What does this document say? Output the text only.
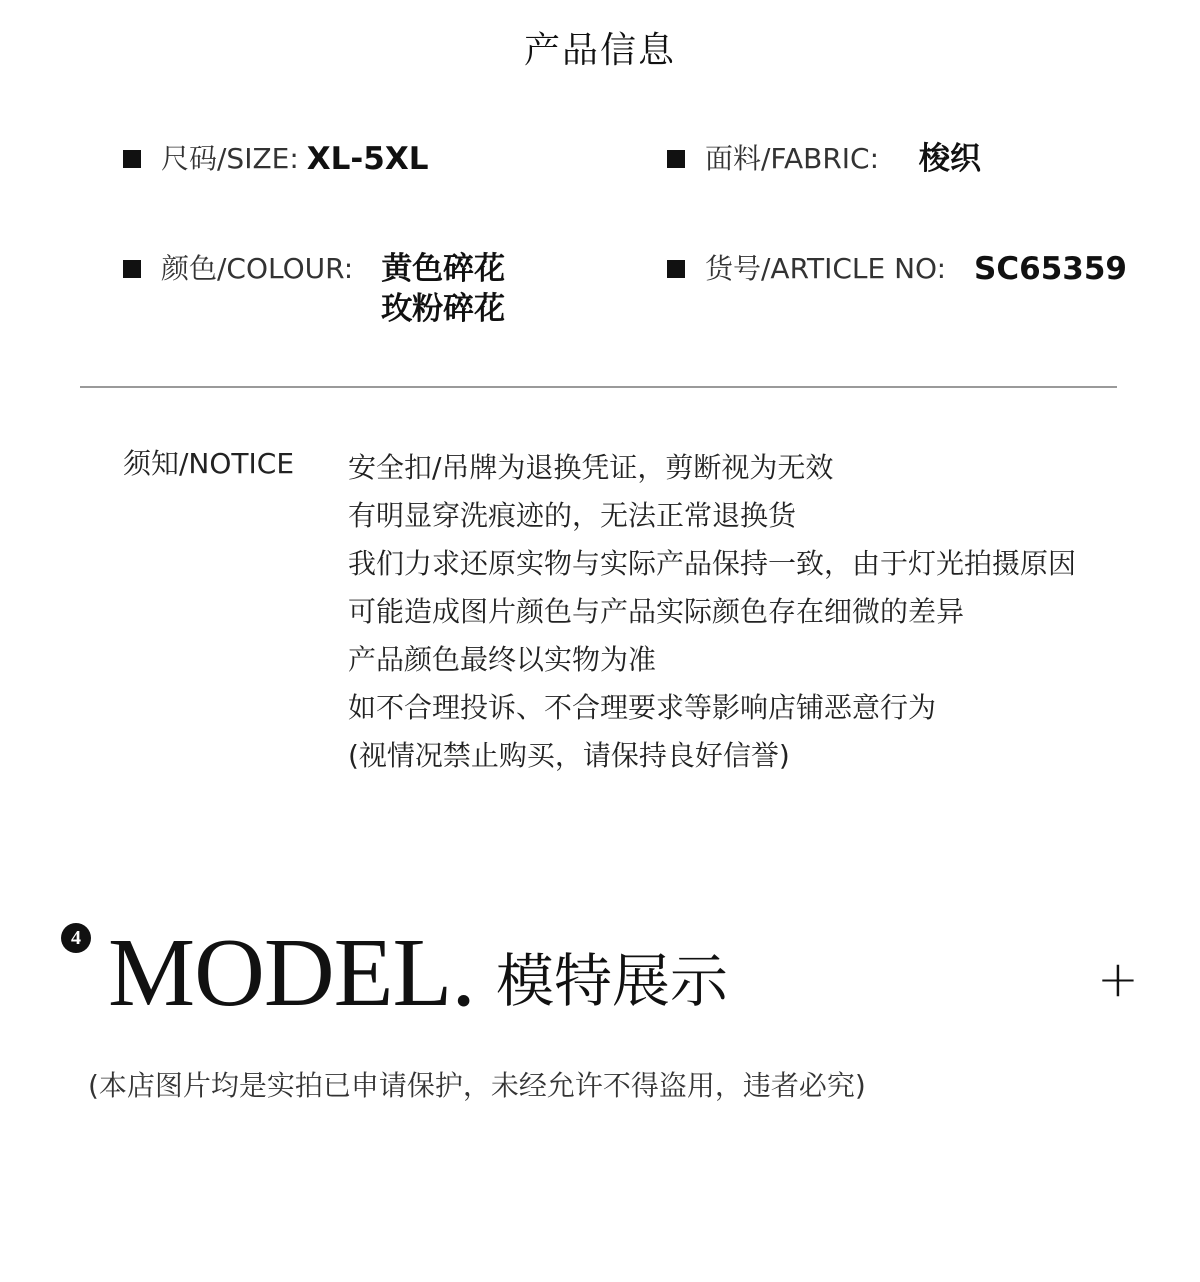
产品信息
尺码/SIZE: XL-5XL	面料/FABRIC: 梭织
颜色/COLOUR: 黄色碎花
玫粉碎花
货号/ARTICLE NO: SC65359
须知/NOTICE 安全扣/吊牌为退换凭证，剪断视为无效
有明显穿洗痕迹的，无法正常退换货
我们力求还原实物与实际产品保持一致，由于灯光拍摄原因
可能造成图片颜色与产品实际颜色存在细微的差异
产品颜色最终以实物为准
如不合理投诉、不合理要求等影响店铺恶意行为
(视情况禁止购买，请保持良好信誉)
4 MODEL. 模特展示	+
(本店图片均是实拍已申请保护，未经允许不得盗用，违者必究)
